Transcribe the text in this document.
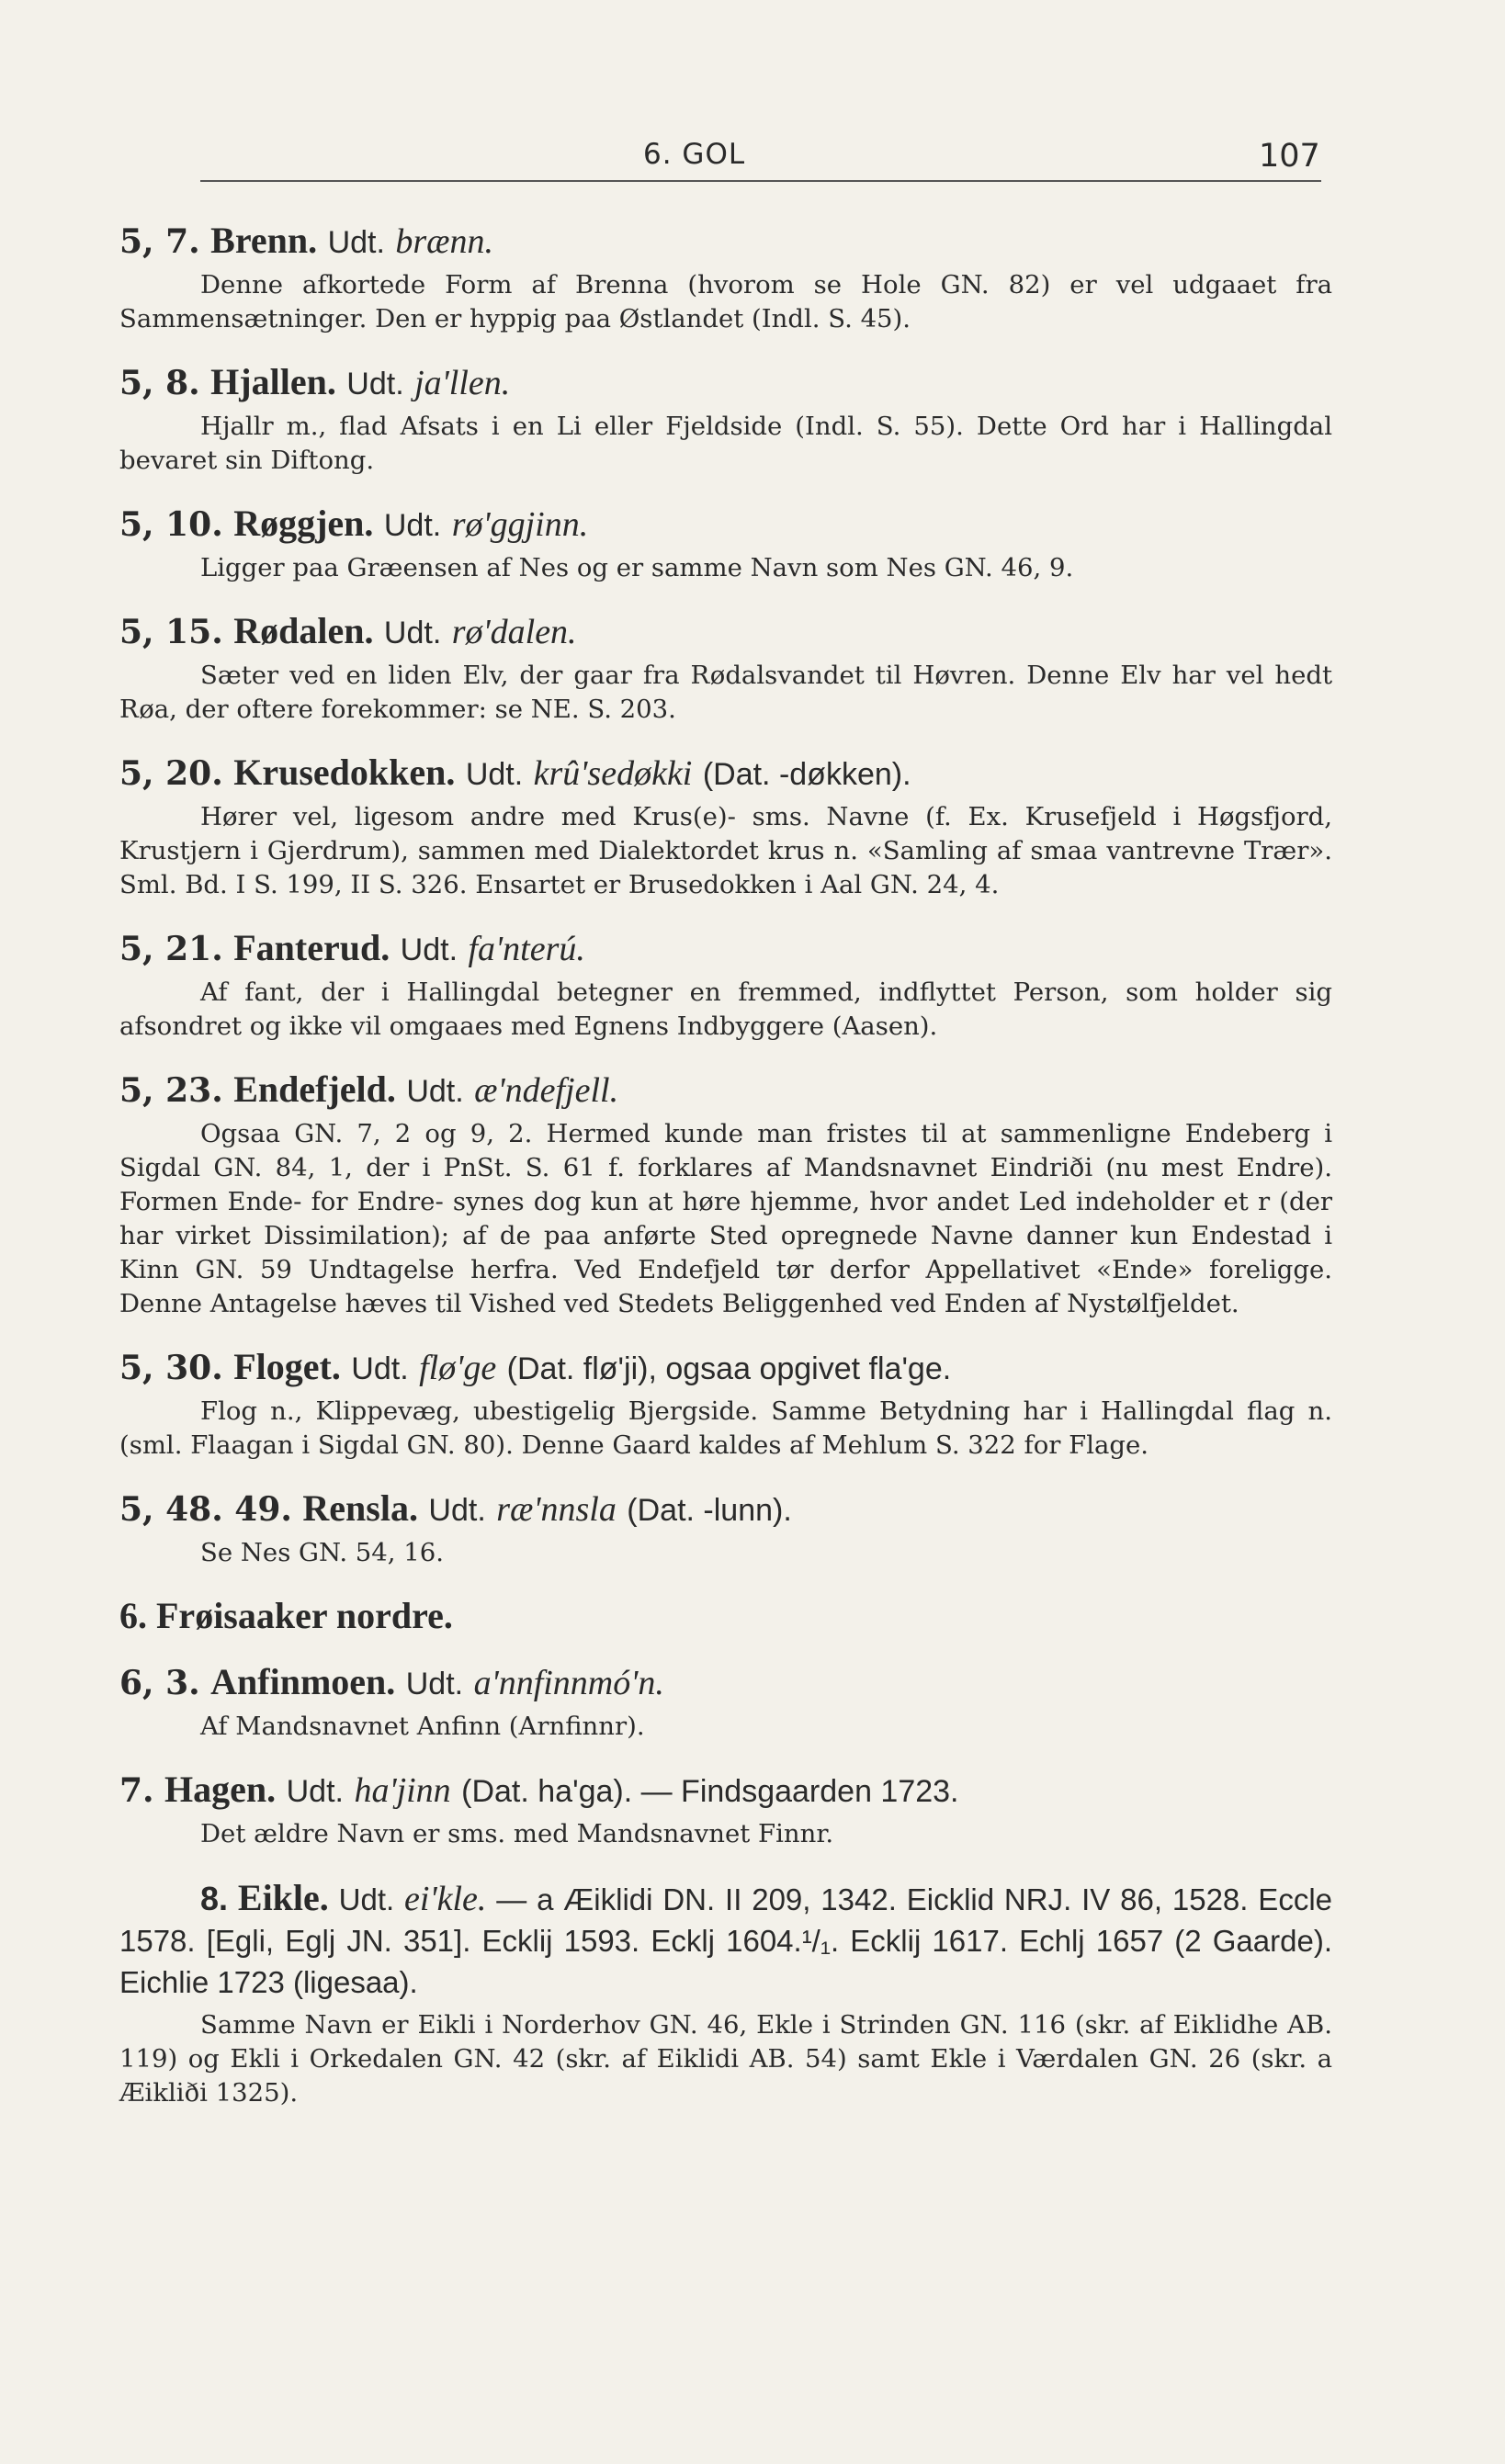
6. GOL	107

5, 7. Brenn. Udt. brænn.

Denne afkortede Form af Brenna (hvorom se Hole GN. 82) er vel udgaaet fra Sammensætninger. Den er hyppig paa Østlandet (Indl. S. 45).

5, 8. Hjallen. Udt. ja'llen.

Hjallr m., flad Afsats i en Li eller Fjeldside (Indl. S. 55). Dette Ord har i Hallingdal bevaret sin Diftong.

5, 10. Røggjen. Udt. rø'ggjinn.

Ligger paa Græensen af Nes og er samme Navn som Nes GN. 46, 9.

5, 15. Rødalen. Udt. rø'dalen.

Sæter ved en liden Elv, der gaar fra Rødalsvandet til Høvren. Denne Elv har vel hedt Røa, der oftere forekommer: se NE. S. 203.

5, 20. Krusedokken. Udt. krû'sedøkki (Dat. -døkken).

Hører vel, ligesom andre med Krus(e)- sms. Navne (f. Ex. Krusefjeld i Høgsfjord, Krustjern i Gjerdrum), sammen med Dialektordet krus n. «Samling af smaa vantrevne Trær». Sml. Bd. I S. 199, II S. 326. Ensartet er Brusedokken i Aal GN. 24, 4.

5, 21. Fanterud. Udt. fa'nterú.

Af fant, der i Hallingdal betegner en fremmed, indflyttet Person, som holder sig afsondret og ikke vil omgaaes med Egnens Indbyggere (Aasen).

5, 23. Endefjeld. Udt. æ'ndefjell.

Ogsaa GN. 7, 2 og 9, 2. Hermed kunde man fristes til at sammenligne Endeberg i Sigdal GN. 84, 1, der i PnSt. S. 61 f. forklares af Mandsnavnet Eindriði (nu mest Endre). Formen Ende- for Endre- synes dog kun at høre hjemme, hvor andet Led indeholder et r (der har virket Dissimilation); af de paa anførte Sted opregnede Navne danner kun Endestad i Kinn GN. 59 Undtagelse herfra. Ved Endefjeld tør derfor Appellativet «Ende» foreligge. Denne Antagelse hæves til Vished ved Stedets Beliggenhed ved Enden af Nystølfjeldet.

5, 30. Floget. Udt. flø'ge (Dat. flø'ji), ogsaa opgivet fla'ge.

Flog n., Klippevæg, ubestigelig Bjergside. Samme Betydning har i Hallingdal flag n. (sml. Flaagan i Sigdal GN. 80). Denne Gaard kaldes af Mehlum S. 322 for Flage.

5, 48. 49. Rensla. Udt. ræ'nnsla (Dat. -lunn).

Se Nes GN. 54, 16.

6. Frøisaaker nordre.

6, 3. Anfinmoen. Udt. a'nnfinnmó'n.

Af Mandsnavnet Anfinn (Arnfinnr).

7. Hagen. Udt. ha'jinn (Dat. ha'ga). — Findsgaarden 1723.

Det ældre Navn er sms. med Mandsnavnet Finnr.

8. Eikle. Udt. ei'kle. — a Æiklidi DN. II 209, 1342. Eicklid NRJ. IV 86, 1528. Eccle 1578. [Egli, Eglj JN. 351]. Ecklij 1593. Ecklj 1604.¹/₁. Ecklij 1617. Echlj 1657 (2 Gaarde). Eichlie 1723 (ligesaa).

Samme Navn er Eikli i Norderhov GN. 46, Ekle i Strinden GN. 116 (skr. af Eiklidhe AB. 119) og Ekli i Orkedalen GN. 42 (skr. af Eiklidi AB. 54) samt Ekle i Værdalen GN. 26 (skr. a Æikliði 1325).
